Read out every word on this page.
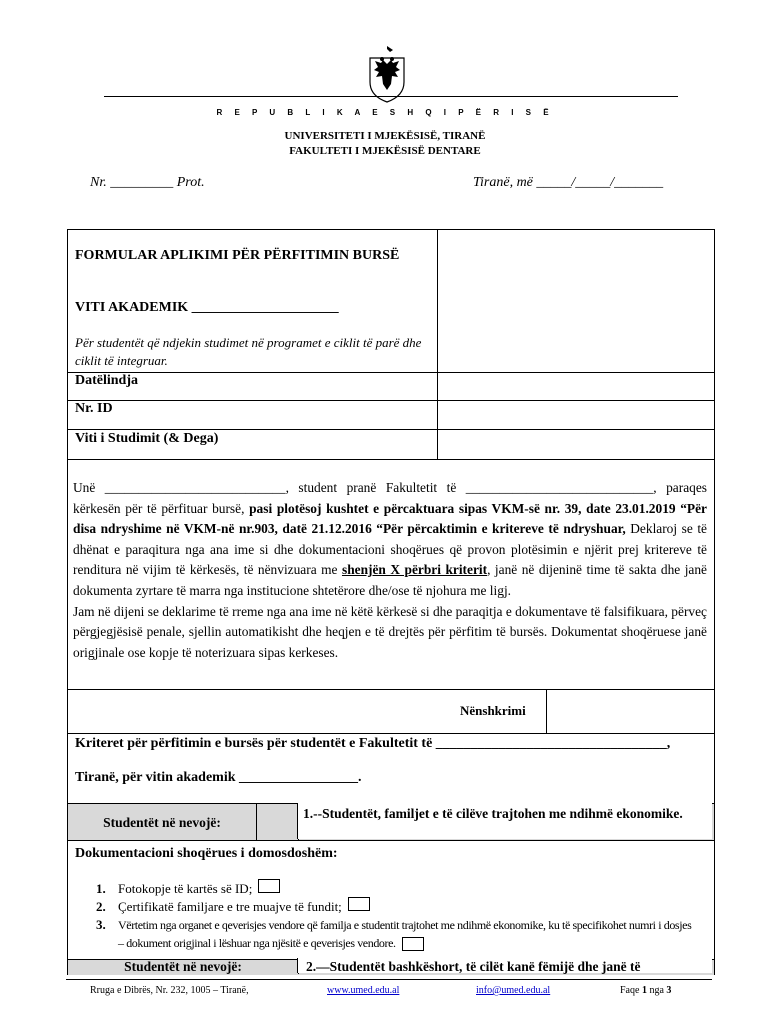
R E P U B L I K A E S H Q I P Ë R I S Ë
UNIVERSITETI I MJEKËSISË, TIRANË
FAKULTETI I MJEKËSISË DENTARE
Nr. _________ Prot.	Tiranë, më _____/_____/_______
FORMULAR APLIKIMI PËR PËRFITIMIN BURSË
VITI AKADEMIK _____________________
Për studentët që ndjekin studimet në programet e ciklit të parë dhe ciklit të integruar.
Datëlindja
Nr. ID
Viti i Studimit (& Dega)

Unë ___________________________, student pranë Fakultetit të ____________________________, paraqes kërkesën për të përfituar bursë, pasi plotësoj kushtet e përcaktuara sipas VKM-së nr. 39, date 23.01.2019 “Për disa ndryshime në VKM-në nr.903, datë 21.12.2016 “Për përcaktimin e kritereve të ndryshuar, Deklaroj se të dhënat e paraqitura nga ana ime si dhe dokumentacioni shoqërues që provon plotësimin e njërit prej kritereve të renditura në vijim të kërkesës, të nënvizuara me shenjën X përbri kriterit, janë në dijeninë time të sakta dhe janë dokumenta zyrtare të marra nga institucione shtetërore dhe/ose të njohura me ligj.

Jam në dijeni se deklarime të rreme nga ana ime në këtë kërkesë si dhe paraqitja e dokumentave të falsifikuara, përveç përgjegjësisë penale, sjellin automatikisht dhe heqjen e të drejtës për përfitim të bursës. Dokumentat shoqëruese janë origjinale ose kopje të noterizuara sipas kerkeses.

Nënshkrimi
Kriteret për përfitimin e bursës për studentët e Fakultetit të _________________________________,
Tiranë, për vitin akademik _________________.
Studentët në nevojë:
1.--Studentët, familjet e të cilëve trajtohen me ndihmë ekonomike.
Dokumentacioni shoqërues i domosdoshëm:
1. Fotokopje të kartës së ID;
2. Çertifikatë familjare e tre muajve të fundit;
3. Vërtetim nga organet e qeverisjes vendore që familja e studentit trajtohet me ndihmë ekonomike, ku të specifikohet numri i dosjes – dokument origjinal i lëshuar nga njësitë e qeverisjes vendore.
Studentët në nevojë:	2.—Studentët bashkëshort, të cilët kanë fëmijë dhe janë të
Rruga e Dibrës, Nr. 232, 1005 – Tiranë,	www.umed.edu.al	info@umed.edu.al	Faqe 1 nga 3
